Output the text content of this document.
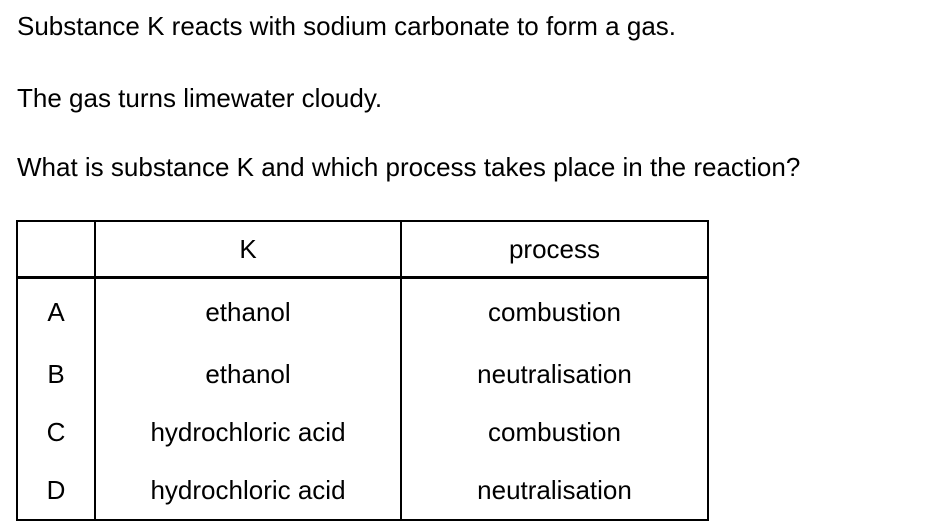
Substance K reacts with sodium carbonate to form a gas.
The gas turns limewater cloudy.
What is substance K and which process takes place in the reaction?
	K	process
A	ethanol	combustion
B	ethanol	neutralisation
C	hydrochloric acid	combustion
D	hydrochloric acid	neutralisation
